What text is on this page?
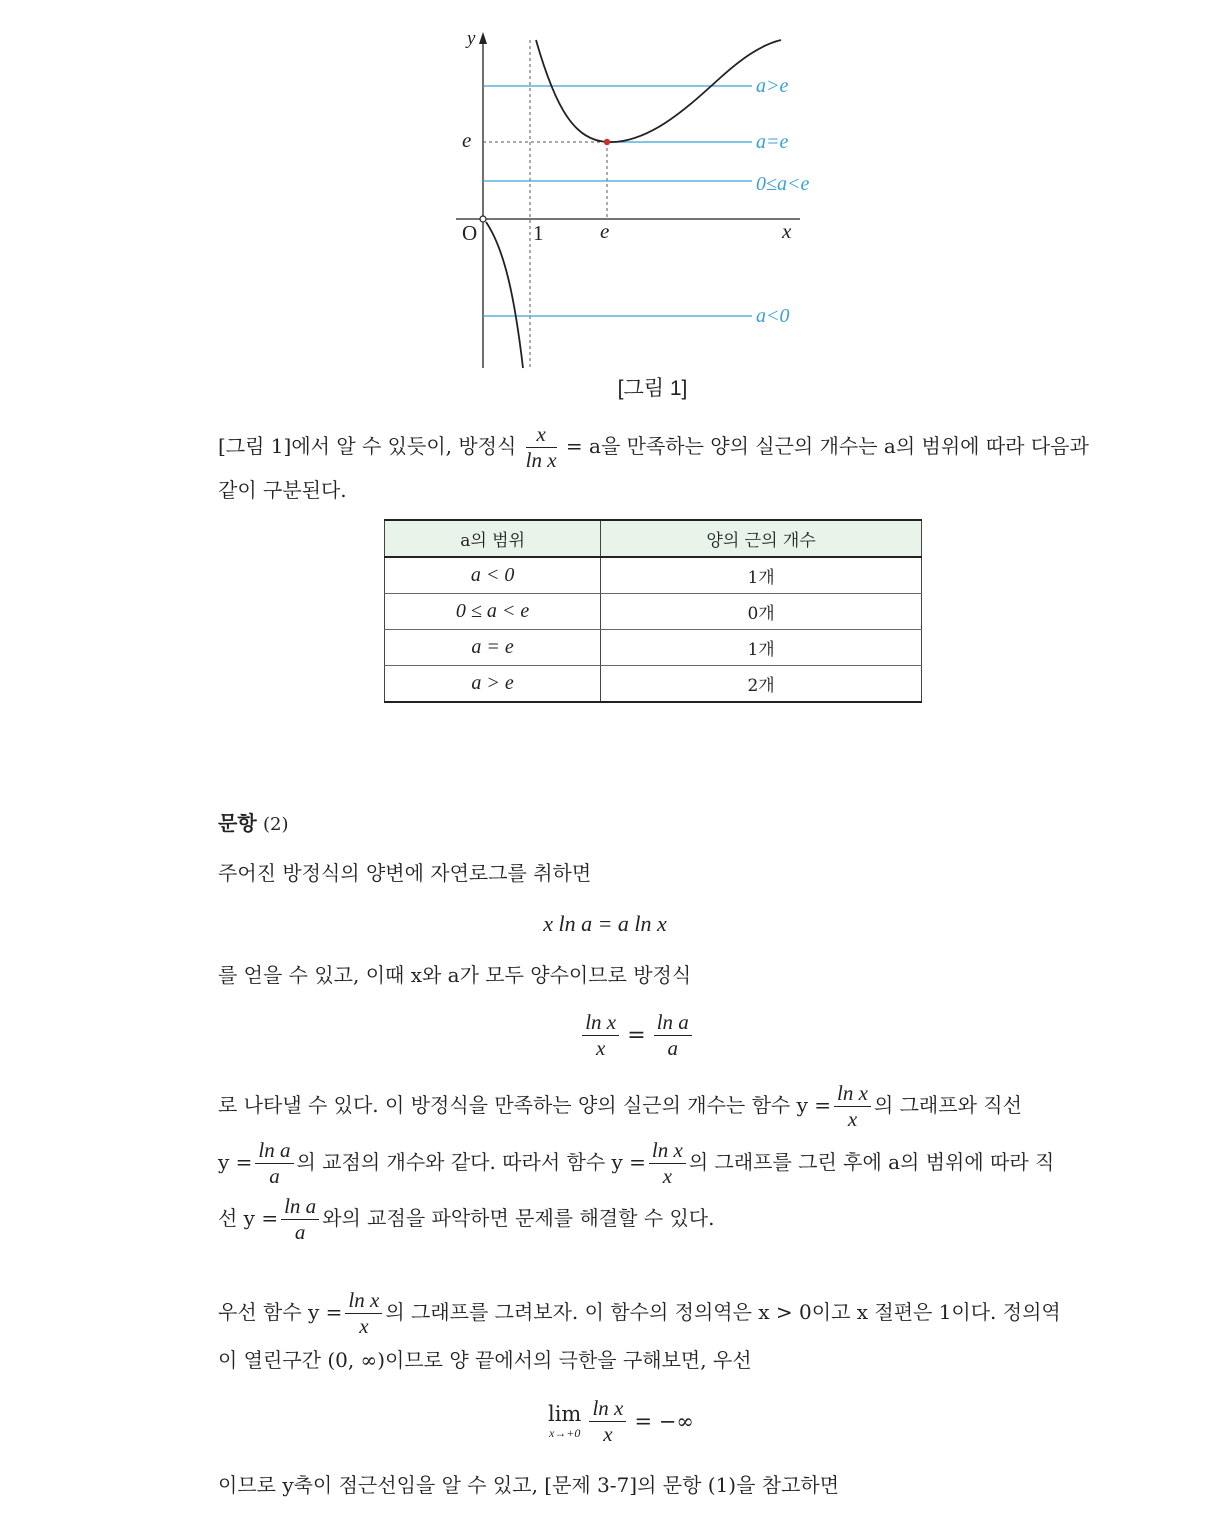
y
x
O	1	e
e
a>e
a=e
0≤a<e
a<0
[그림 1]
[그림 1]에서 알 수 있듯이, 방정식 $\frac{x}{\text{ln x}} = a$을 만족하는 양의 실근의 개수는 a의 범위에 따라 다음과
같이 구분된다.
a의 범위	양의 근의 개수
a < 0	1개
0 ≤ a < e	0개
a = e	1개
a > e	2개
문항 (2)
주어진 방정식의 양변에 자연로그를 취하면
x ln a = a ln x
를 얻을 수 있고, 이때 x와 a가 모두 양수이므로 방정식
$\frac{\text{ln x}}{x} = \frac{\text{ln a}}{a}$
로 나타낼 수 있다. 이 방정식을 만족하는 양의 실근의 개수는 함수 $y = \frac{\text{ln x}}{x}$ 의 그래프와 직선
$y = \frac{\text{ln a}}{a}$ 의 교점의 개수와 같다. 따라서 함수 $y = \frac{\text{ln x}}{x}$ 의 그래프를 그린 후에 a의 범위에 따라 직
선 $y = \frac{\text{ln a}}{a}$ 와의 교점을 파악하면 문제를 해결할 수 있다.
우선 함수 $y = \frac{\text{ln x}}{x}$ 의 그래프를 그려보자. 이 함수의 정의역은 x > 0이고 x 절편은 1이다. 정의역
이 열린구간 (0, ∞)이므로 양 끝에서의 극한을 구해보면, 우선
lim
x→+0
$\frac{\text{ln x}}{x}$ = −∞
이므로 y축이 점근선임을 알 수 있고, [문제 3-7]의 문항 (1)을 참고하면
